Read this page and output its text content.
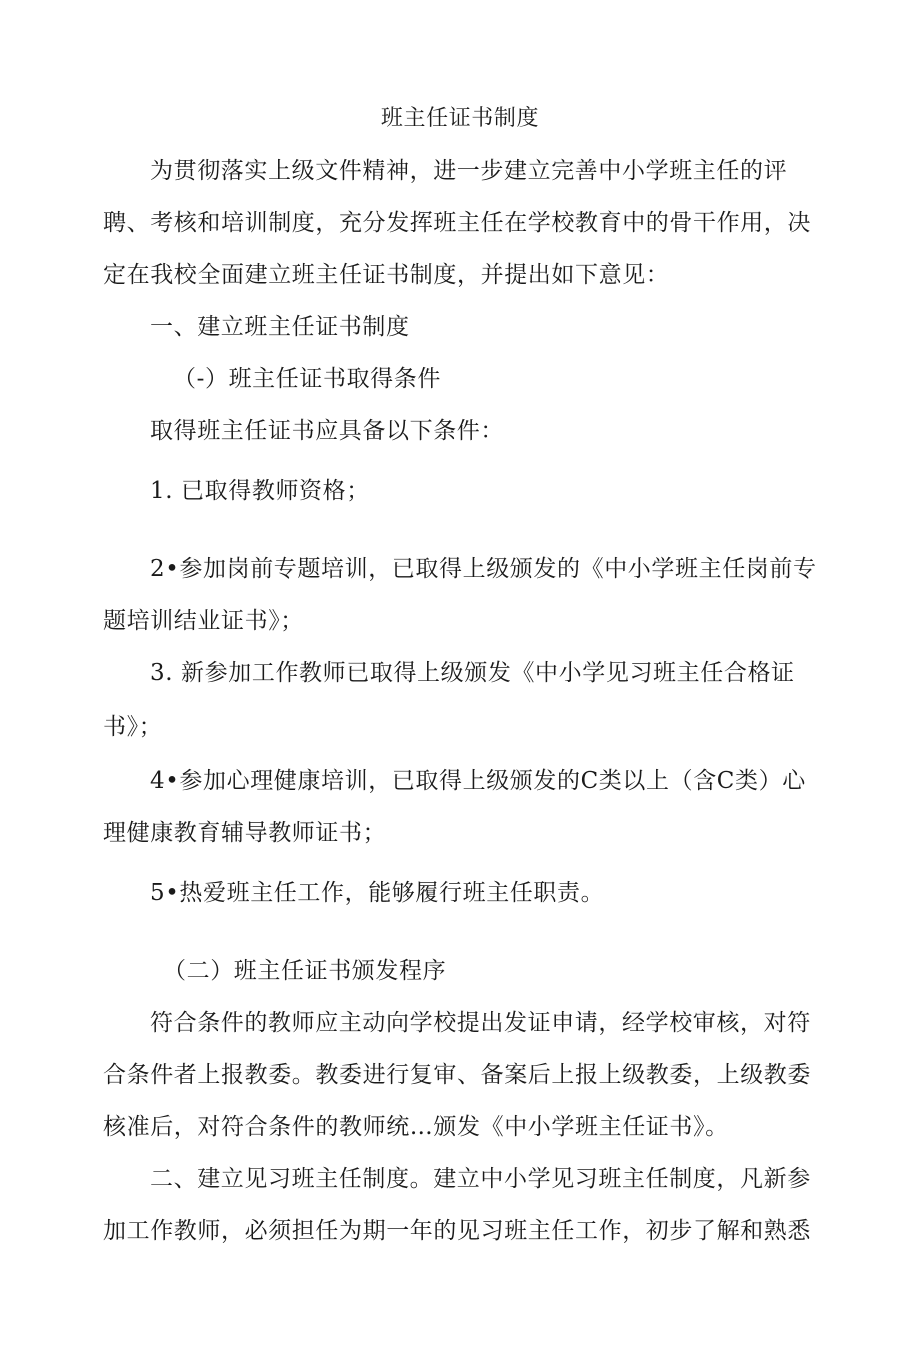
班主任证书制度
为贯彻落实上级文件精神，进一步建立完善中小学班主任的评
聘、考核和培训制度，充分发挥班主任在学校教育中的骨干作用，决
定在我校全面建立班主任证书制度，并提出如下意见：
一、建立班主任证书制度
（-）班主任证书取得条件
取得班主任证书应具备以下条件：
1. 已取得教师资格；
2•参加岗前专题培训，已取得上级颁发的《中小学班主任岗前专
题培训结业证书》；
3. 新参加工作教师已取得上级颁发《中小学见习班主任合格证
书》；
4•参加心理健康培训，已取得上级颁发的C类以上（含C类）心
理健康教育辅导教师证书；
5•热爱班主任工作，能够履行班主任职责。
（二）班主任证书颁发程序
符合条件的教师应主动向学校提出发证申请，经学校审核，对符
合条件者上报教委。教委进行复审、备案后上报上级教委，上级教委
核准后，对符合条件的教师统…颁发《中小学班主任证书》。
二、建立见习班主任制度。建立中小学见习班主任制度，凡新参
加工作教师，必须担任为期一年的见习班主任工作，初步了解和熟悉
